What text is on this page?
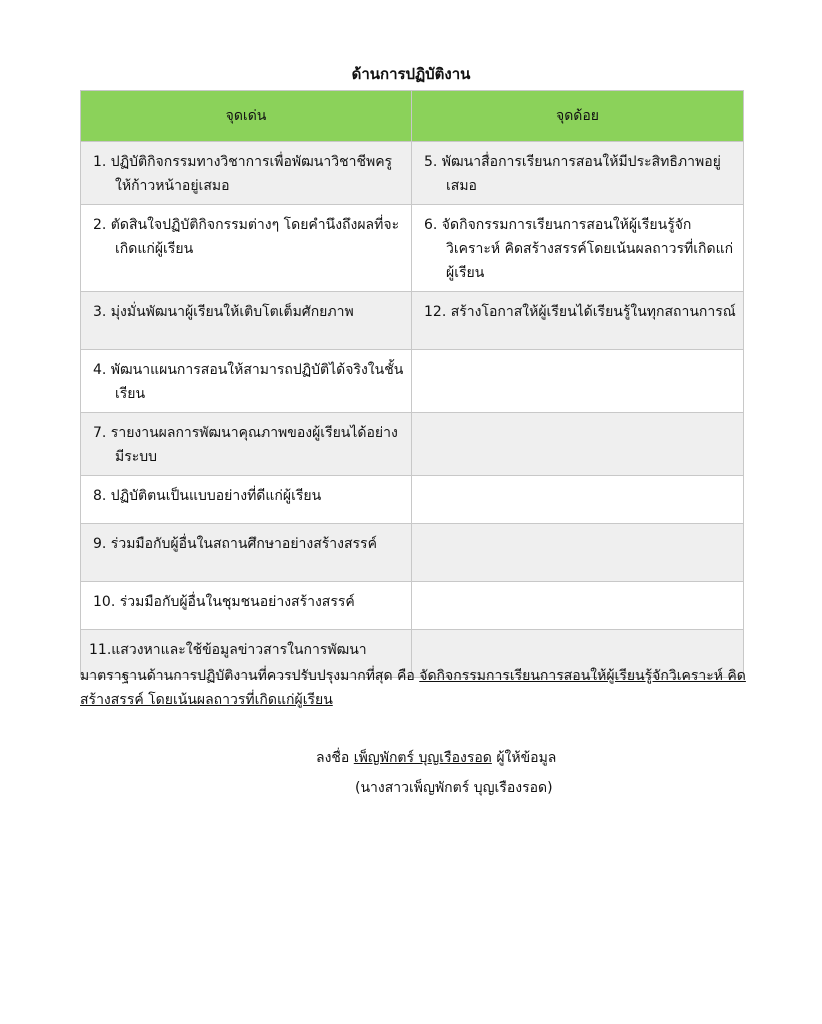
ด้านการปฏิบัติงาน
จุดเด่น	จุดด้อย

1. ปฏิบัติกิจกรรมทางวิชาการเพื่อพัฒนาวิชาชีพครูให้ก้าวหน้าอยู่เสมอ	5. พัฒนาสื่อการเรียนการสอนให้มีประสิทธิภาพอยู่เสมอ

2. ตัดสินใจปฏิบัติกิจกรรมต่างๆ โดยคำนึงถึงผลที่จะเกิดแก่ผู้เรียน	6. จัดกิจกรรมการเรียนการสอนให้ผู้เรียนรู้จักวิเคราะห์ คิดสร้างสรรค์โดยเน้นผลถาวรที่เกิดแก่ผู้เรียน

3. มุ่งมั่นพัฒนาผู้เรียนให้เติบโตเต็มศักยภาพ	12. สร้างโอกาสให้ผู้เรียนได้เรียนรู้ในทุกสถานการณ์

4. พัฒนาแผนการสอนให้สามารถปฏิบัติได้จริงในชั้นเรียน	

7. รายงานผลการพัฒนาคุณภาพของผู้เรียนได้อย่างมีระบบ	

8. ปฏิบัติตนเป็นแบบอย่างที่ดีแก่ผู้เรียน	

9. ร่วมมือกับผู้อื่นในสถานศึกษาอย่างสร้างสรรค์	

10. ร่วมมือกับผู้อื่นในชุมชนอย่างสร้างสรรค์	

11.แสวงหาและใช้ข้อมูลข่าวสารในการพัฒนา	

มาตราฐานด้านการปฏิบัติงานที่ควรปรับปรุงมากที่สุด คือ จัดกิจกรรมการเรียนการสอนให้ผู้เรียนรู้จักวิเคราะห์ คิดสร้างสรรค์ โดยเน้นผลถาวรที่เกิดแก่ผู้เรียน
ลงชื่อ เพ็ญพักตร์ บุญเรืองรอด ผู้ให้ข้อมูล
(นางสาวเพ็ญพักตร์ บุญเรืองรอด)
